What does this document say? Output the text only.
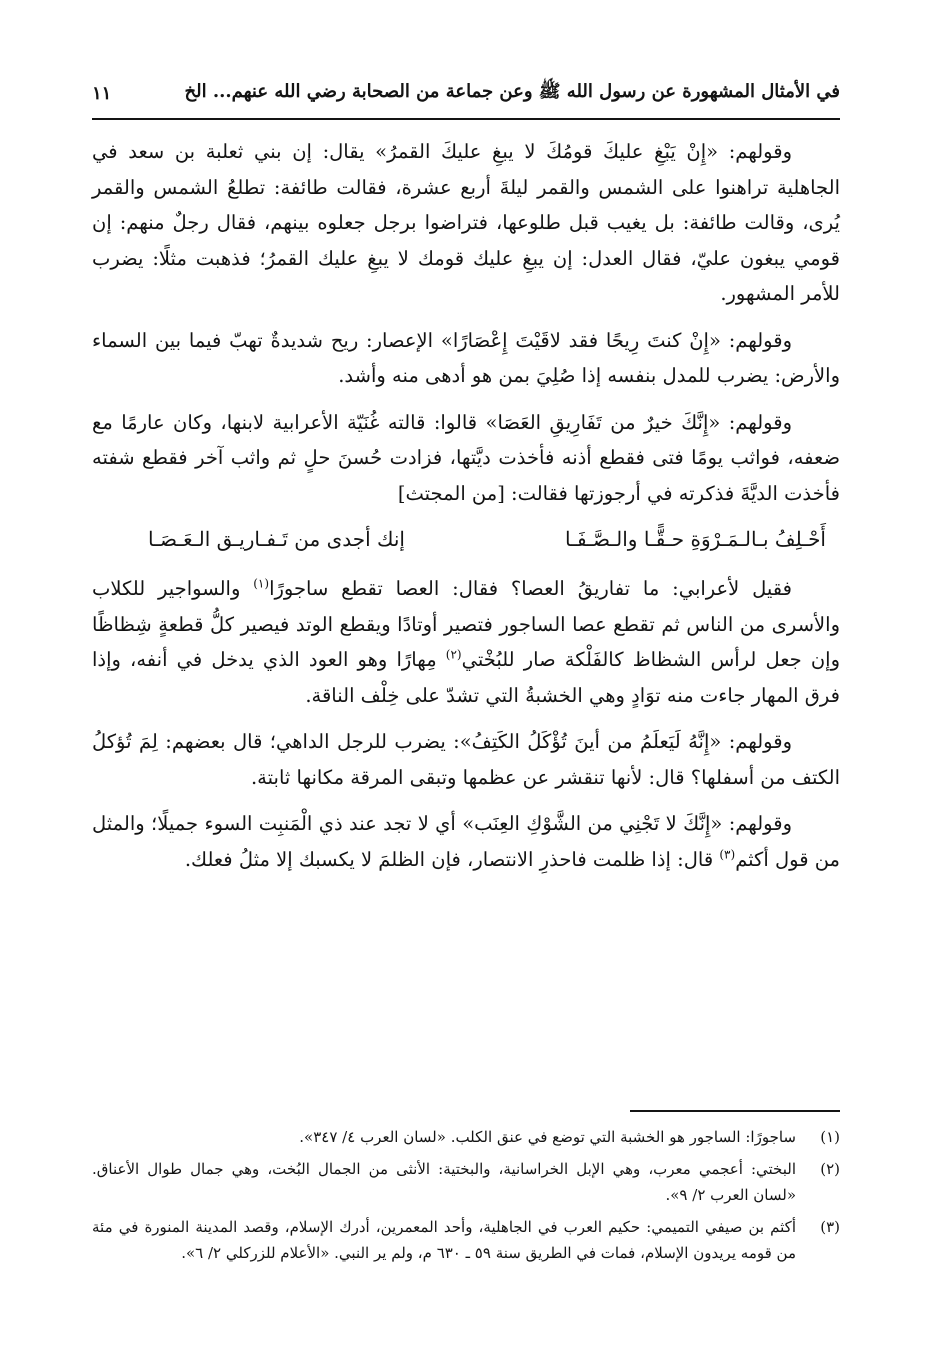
في الأمثال المشهورة عن رسول الله ﷺ وعن جماعة من الصحابة رضي الله عنهم... الخ
١١

وقولهم: «إِنْ يَبْغِ عليكَ قومُكَ لا يبغِ عليكَ القمرُ» يقال: إن بني ثعلبة بن سعد في الجاهلية تراهنوا على الشمس والقمر ليلةَ أربع عشرة، فقالت طائفة: تطلعُ الشمس والقمر يُرى، وقالت طائفة: بل يغيب قبل طلوعها، فتراضوا برجل جعلوه بينهم، فقال رجلٌ منهم: إن قومي يبغون عليّ، فقال العدل: إن يبغِ عليك قومك لا يبغِ عليك القمرُ؛ فذهبت مثلًا: يضرب للأمر المشهور.

وقولهم: «إِنْ كنتَ رِيحًا فقد لاقَيْتَ إِعْصَارًا» الإعصار: ريح شديدةٌ تهبّ فيما بين السماء والأرض: يضرب للمدل بنفسه إذا صُلِيَ بمن هو أدهى منه وأشد.

وقولهم: «إِنَّكَ خيرٌ من تَفَارِيقِ العَصَا» قالوا: قالته غُنَيّة الأعرابية لابنها، وكان عارمًا مع ضعفه، فواثب يومًا فتى فقطع أذنه فأخذت ديَّتها، فزادت حُسنَ حلٍ ثم واثب آخر فقطع شفته فأخذت الديَّةَ فذكرته في أرجوزتها فقالت: [من المجتث]

أَحْـلِفُ بـالـمَـرْوَةِ حـقًّـا والـصَّـفَـا
إنك أجدى من تَـفـاريـق الـعَـصَـا

فقيل لأعرابي: ما تفاريقُ العصا؟ فقال: العصا تقطع ساجورًا$^{(١)}$ والسواجير للكلاب والأسرى من الناس ثم تقطع عصا الساجور فتصير أوتادًا ويقطع الوتد فيصير كلُّ قطعةٍ شِظاظًا وإن جعل لرأس الشظاظ كالفَلْكة صار للبُخْتي$^{(٢)}$ مِهارًا وهو العود الذي يدخل في أنفه، وإذا فرق المهار جاءت منه توَادٍ وهي الخشبةُ التي تشدّ على خِلْف الناقة.

وقولهم: «إِنَّهُ لَيَعلَمُ من أينَ تُؤْكَلُ الكَتِفُ»: يضرب للرجل الداهي؛ قال بعضهم: لِمَ تُؤكلُ الكتف من أسفلها؟ قال: لأنها تنقشر عن عظمها وتبقى المرقة مكانها ثابتة.

وقولهم: «إِنَّكَ لا تَجْنِي من الشَّوْكِ العِنَب» أي لا تجد عند ذي الْمَنبِت السوء جميلًا؛ والمثل من قول أكثم$^{(٣)}$ قال: إذا ظلمت فاحذرِ الانتصار، فإن الظلمَ لا يكسبك إلا مثلُ فعلك.

(١)
ساجورًا: الساجور هو الخشبة التي توضع في عنق الكلب. «لسان العرب ٤/ ٣٤٧».
(٢)
البختي: أعجمي معرب، وهي الإبل الخراسانية، والبختية: الأنثى من الجمال البُخت، وهي جمال طوال الأعناق. «لسان العرب ٢/ ٩».
(٣)
أكثم بن صيفي التميمي: حكيم العرب في الجاهلية، وأحد المعمرين، أدرك الإسلام، وقصد المدينة المنورة في مئة من قومه يريدون الإسلام، فمات في الطريق سنة ٥٩ ـ ٦٣٠ م، ولم ير النبي. «الأعلام للزركلي ٢/ ٦».
